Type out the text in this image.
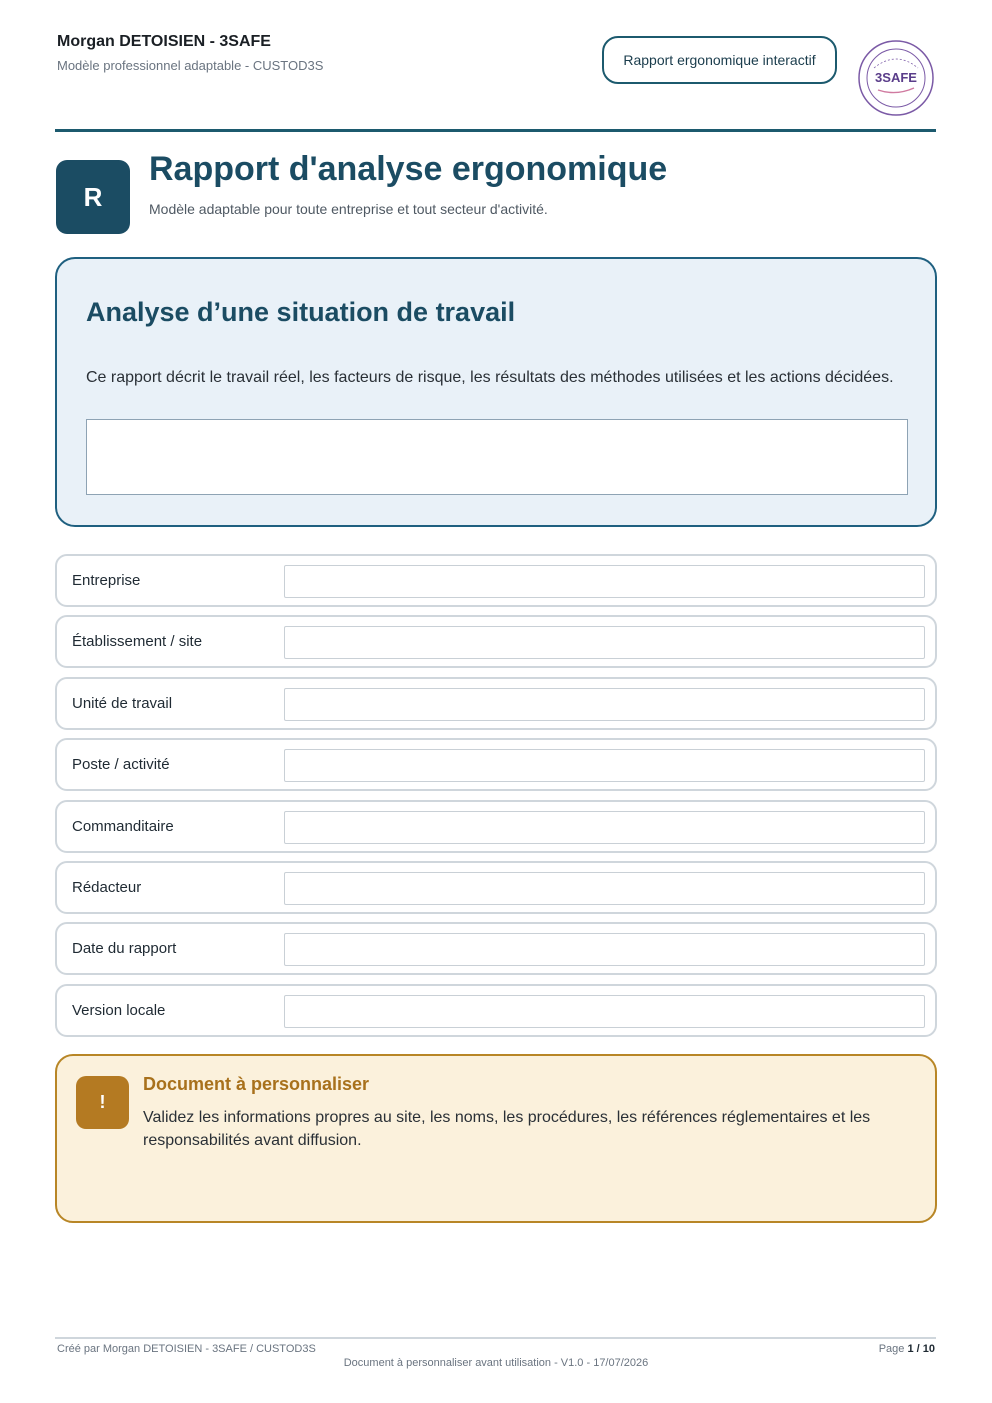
Morgan DETOISIEN - 3SAFE
Modèle professionnel adaptable - CUSTOD3S	Rapport ergonomique interactif
3SAFE
R
Rapport d'analyse ergonomique
Modèle adaptable pour toute entreprise et tout secteur d'activité.
Analyse d’une situation de travail
Ce rapport décrit le travail réel, les facteurs de risque, les résultats des méthodes utilisées et les actions décidées.
Entreprise
Établissement / site
Unité de travail
Poste / activité
Commanditaire
Rédacteur
Date du rapport
Version locale
!
Document à personnaliser
Validez les informations propres au site, les noms, les procédures, les références réglementaires et les responsabilités avant diffusion.
Créé par Morgan DETOISIEN - 3SAFE / CUSTOD3S
Document à personnaliser avant utilisation - V1.0 - 17/07/2026
Page 1 / 10
